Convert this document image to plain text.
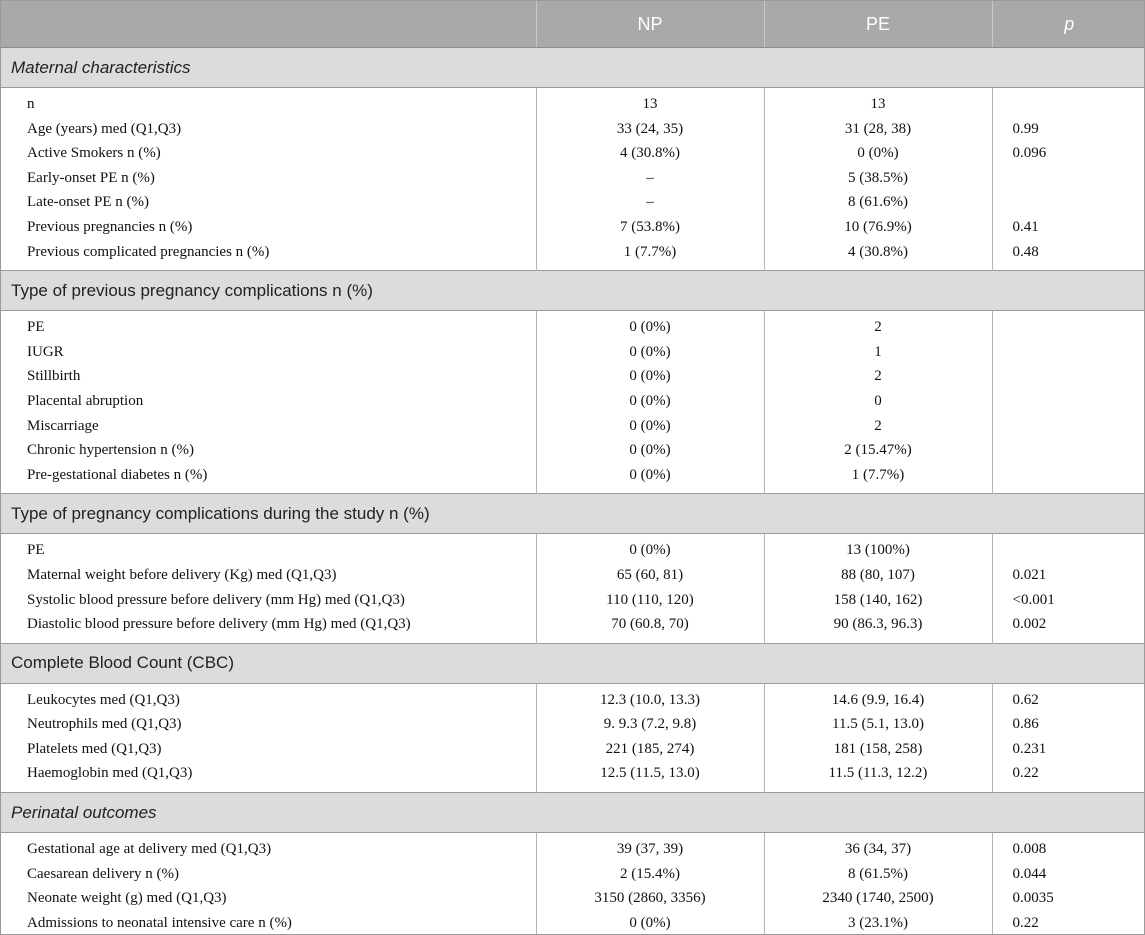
	NP	PE	p
Maternal characteristics			
n	13	13	
Age (years) med (Q1,Q3)	33 (24, 35)	31 (28, 38)	0.99
Active Smokers n (%)	4 (30.8%)	0 (0%)	0.096
Early-onset PE n (%)	–	5 (38.5%)	
Late-onset PE n (%)	–	8 (61.6%)	
Previous pregnancies n (%)	7 (53.8%)	10 (76.9%)	0.41
Previous complicated pregnancies n (%)	1 (7.7%)	4 (30.8%)	0.48
Type of previous pregnancy complications n (%)			
PE	0 (0%)	2	
IUGR	0 (0%)	1	
Stillbirth	0 (0%)	2	
Placental abruption	0 (0%)	0	
Miscarriage	0 (0%)	2	
Chronic hypertension n (%)	0 (0%)	2 (15.47%)	
Pre-gestational diabetes n (%)	0 (0%)	1 (7.7%)	
Type of pregnancy complications during the study n (%)			
PE	0 (0%)	13 (100%)	
Maternal weight before delivery (Kg) med (Q1,Q3)	65 (60, 81)	88 (80, 107)	0.021
Systolic blood pressure before delivery (mm Hg) med (Q1,Q3)	110 (110, 120)	158 (140, 162)	<0.001
Diastolic blood pressure before delivery (mm Hg) med (Q1,Q3)	70 (60.8, 70)	90 (86.3, 96.3)	0.002
Complete Blood Count (CBC)			
Leukocytes med (Q1,Q3)	12.3 (10.0, 13.3)	14.6 (9.9, 16.4)	0.62
Neutrophils med (Q1,Q3)	9. 9.3 (7.2, 9.8)	11.5 (5.1, 13.0)	0.86
Platelets med (Q1,Q3)	221 (185, 274)	181 (158, 258)	0.231
Haemoglobin med (Q1,Q3)	12.5 (11.5, 13.0)	11.5 (11.3, 12.2)	0.22
Perinatal outcomes			
Gestational age at delivery med (Q1,Q3)	39 (37, 39)	36 (34, 37)	0.008
Caesarean delivery n (%)	2 (15.4%)	8 (61.5%)	0.044
Neonate weight (g) med (Q1,Q3)	3150 (2860, 3356)	2340 (1740, 2500)	0.0035
Admissions to neonatal intensive care n (%)	0 (0%)	3 (23.1%)	0.22
